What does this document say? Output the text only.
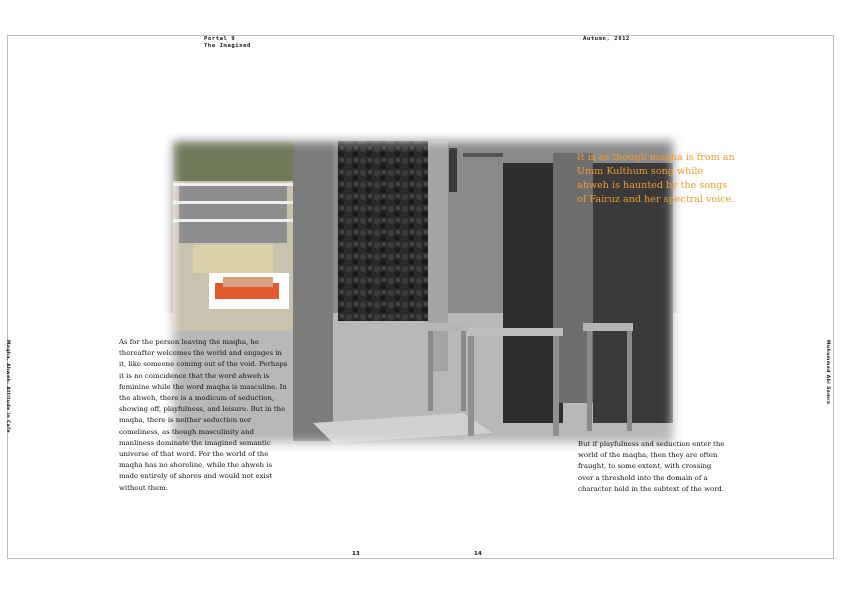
Portal 9
The Imagined
Autumn, 2012
Maqha, Ahweh: Attitude in Cafe	Muhammad Abi Samra
As for the person leaving the maqha, he thereafter welcomes the world and engages in it, like someone coming out of the void. Perhaps it is no coincidence that the word ahweh is feminine while the word maqha is masculine. In the ahweh, there is a modicum of seduction, showing off, playfulness, and leisure. But in the maqha, there is neither seduction nor comeliness, as though masculinity and manliness dominate the imagined semantic universe of that word. For the world of the maqha has no shoreline, while the ahweh is made entirely of shores and would not exist without them.
It is as though maqha is from an Umm Kulthum song while ahweh is haunted by the songs of Fairuz and her spectral voice.
But if playfulness and seduction enter the world of the maqha, then they are often fraught, to some extent, with crossing over a threshold into the domain of a character held in the subtext of the word.
13	14
